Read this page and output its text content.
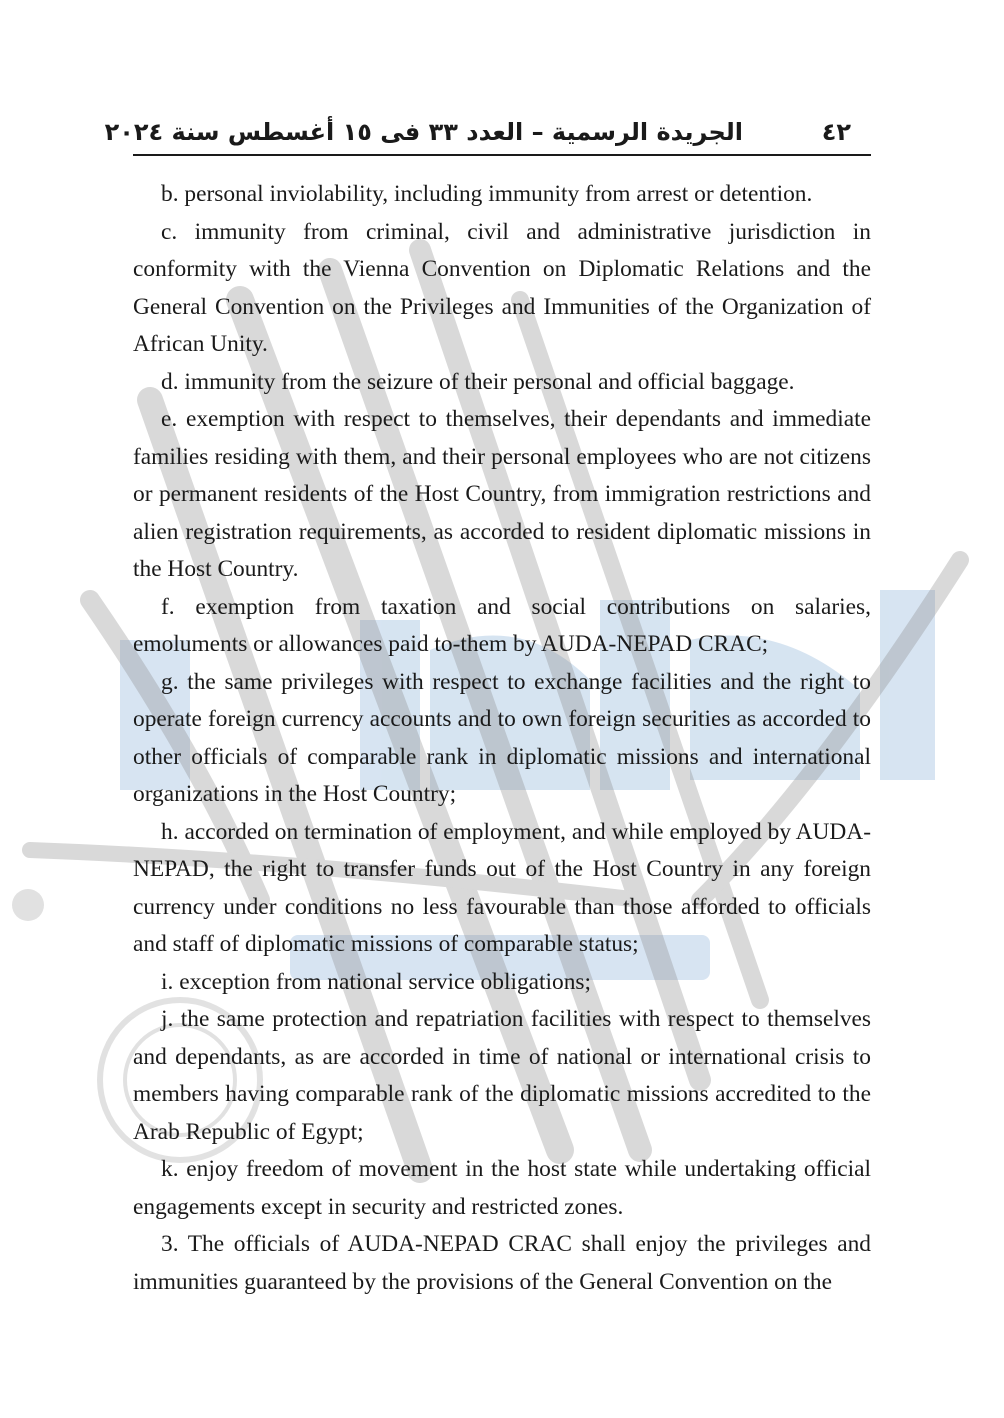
الجريدة الرسمية – العدد ٣٣ فى ١٥ أغسطس سنة ٢٠٢٤	٤٢

b. personal inviolability, including immunity from arrest or detention.

c. immunity from criminal, civil and administrative jurisdiction in conformity with the Vienna Convention on Diplomatic Relations and the General Convention on the Privileges and Immunities of the Organization of African Unity.

d. immunity from the seizure of their personal and official baggage.

e. exemption with respect to themselves, their dependants and immediate families residing with them, and their personal employees who are not citizens or permanent residents of the Host Country, from immigration restrictions and alien registration requirements, as accorded to resident diplomatic missions in the Host Country.

f. exemption from taxation and social contributions on salaries, emoluments or allowances paid to-them by AUDA-NEPAD CRAC;

g. the same privileges with respect to exchange facilities and the right to operate foreign currency accounts and to own foreign securities as accorded to other officials of comparable rank in diplomatic missions and international organizations in the Host Country;

h. accorded on termination of employment, and while employed by AUDA-NEPAD, the right to transfer funds out of the Host Country in any foreign currency under conditions no less favourable than those afforded to officials and staff of diplomatic missions of comparable status;

i. exception from national service obligations;

j. the same protection and repatriation facilities with respect to themselves and dependants, as are accorded in time of national or international crisis to members having comparable rank of the diplomatic missions accredited to the Arab Republic of Egypt;

k. enjoy freedom of movement in the host state while undertaking official engagements except in security and restricted zones.

3. The officials of AUDA-NEPAD CRAC shall enjoy the privileges and immunities guaranteed by the provisions of the General Convention on the
